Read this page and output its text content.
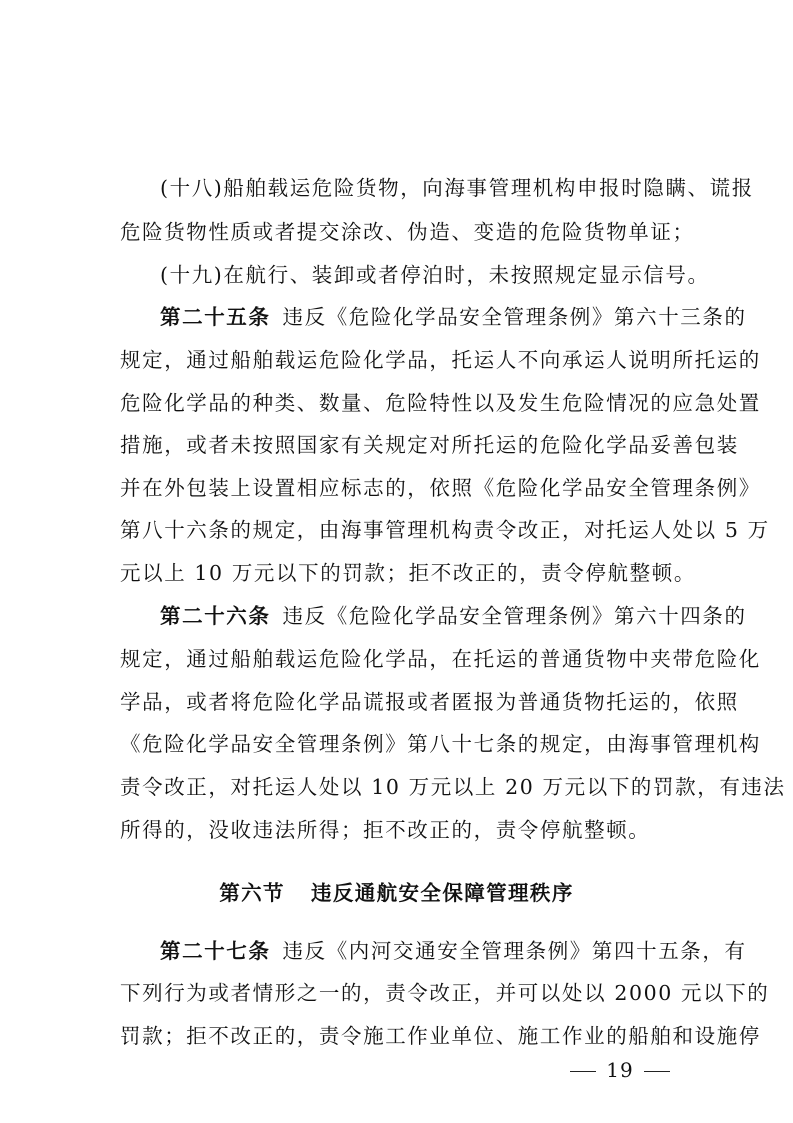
(十八)船舶载运危险货物，向海事管理机构申报时隐瞒、谎报
危险货物性质或者提交涂改、伪造、变造的危险货物单证；
(十九)在航行、装卸或者停泊时，未按照规定显示信号。
第二十五条 违反《危险化学品安全管理条例》第六十三条的
规定，通过船舶载运危险化学品，托运人不向承运人说明所托运的
危险化学品的种类、数量、危险特性以及发生危险情况的应急处置
措施，或者未按照国家有关规定对所托运的危险化学品妥善包装
并在外包装上设置相应标志的，依照《危险化学品安全管理条例》
第八十六条的规定，由海事管理机构责令改正，对托运人处以 5 万
元以上 10 万元以下的罚款；拒不改正的，责令停航整顿。
第二十六条 违反《危险化学品安全管理条例》第六十四条的
规定，通过船舶载运危险化学品，在托运的普通货物中夹带危险化
学品，或者将危险化学品谎报或者匿报为普通货物托运的，依照
《危险化学品安全管理条例》第八十七条的规定，由海事管理机构
责令改正，对托运人处以 10 万元以上 20 万元以下的罚款，有违法
所得的，没收违法所得；拒不改正的，责令停航整顿。
第六节 违反通航安全保障管理秩序
第二十七条 违反《内河交通安全管理条例》第四十五条，有
下列行为或者情形之一的，责令改正，并可以处以 2000 元以下的
罚款；拒不改正的，责令施工作业单位、施工作业的船舶和设施停
19
